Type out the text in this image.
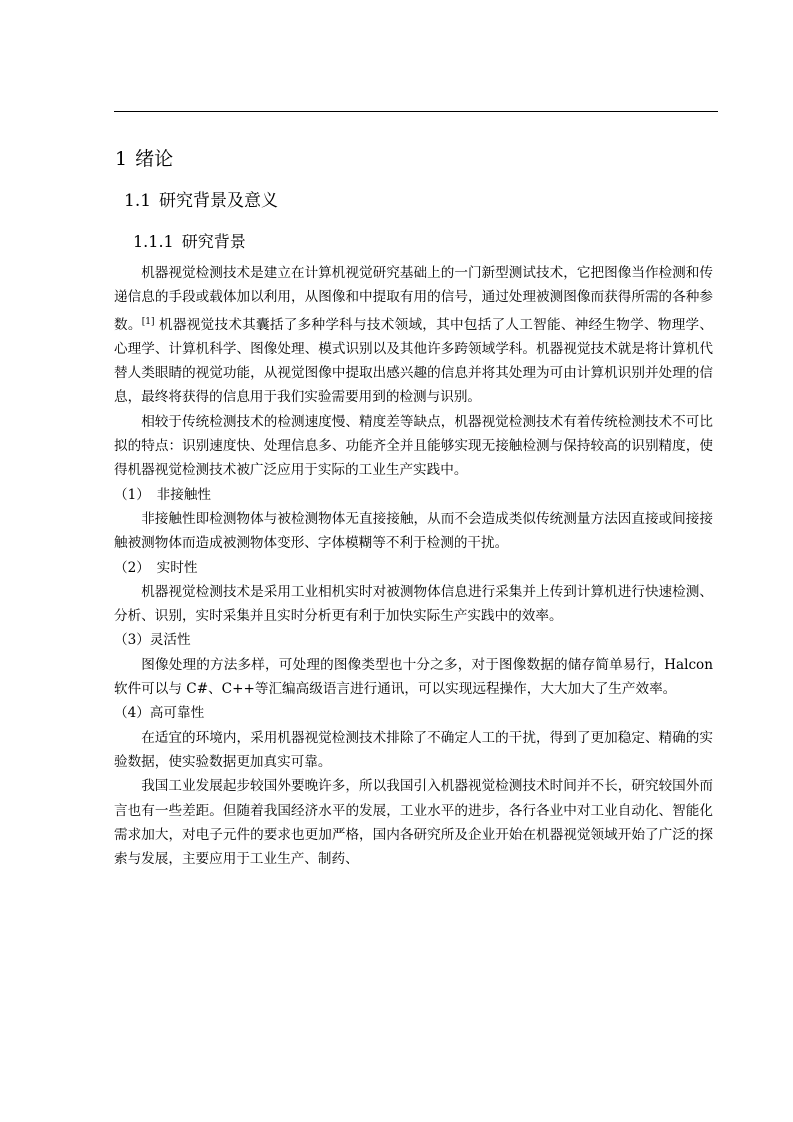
1 绪论
1.1 研究背景及意义
1.1.1 研究背景

机器视觉检测技术是建立在计算机视觉研究基础上的一门新型测试技术，它把图像当作检测和传递信息的手段或载体加以利用，从图像和中提取有用的信号，通过处理被测图像而获得所需的各种参数。[1] 机器视觉技术其囊括了多种学科与技术领域，其中包括了人工智能、神经生物学、物理学、心理学、计算机科学、图像处理、模式识别以及其他许多跨领域学科。机器视觉技术就是将计算机代替人类眼睛的视觉功能，从视觉图像中提取出感兴趣的信息并将其处理为可由计算机识别并处理的信息，最终将获得的信息用于我们实验需要用到的检测与识别。

相较于传统检测技术的检测速度慢、精度差等缺点，机器视觉检测技术有着传统检测技术不可比拟的特点：识别速度快、处理信息多、功能齐全并且能够实现无接触检测与保持较高的识别精度，使得机器视觉检测技术被广泛应用于实际的工业生产实践中。

（1）　非接触性

非接触性即检测物体与被检测物体无直接接触，从而不会造成类似传统测量方法因直接或间接接触被测物体而造成被测物体变形、字体模糊等不利于检测的干扰。

（2）　实时性

机器视觉检测技术是采用工业相机实时对被测物体信息进行采集并上传到计算机进行快速检测、分析、识别，实时采集并且实时分析更有利于加快实际生产实践中的效率。

（3）灵活性

图像处理的方法多样，可处理的图像类型也十分之多，对于图像数据的储存简单易行，Halcon 软件可以与 C#、C++等汇编高级语言进行通讯，可以实现远程操作，大大加大了生产效率。

（4）高可靠性

在适宜的环境内，采用机器视觉检测技术排除了不确定人工的干扰，得到了更加稳定、精确的实验数据，使实验数据更加真实可靠。

我国工业发展起步较国外要晚许多，所以我国引入机器视觉检测技术时间并不长，研究较国外而言也有一些差距。但随着我国经济水平的发展，工业水平的进步，各行各业中对工业自动化、智能化需求加大，对电子元件的要求也更加严格，国内各研究所及企业开始在机器视觉领域开始了广泛的探索与发展，主要应用于工业生产、制药、
